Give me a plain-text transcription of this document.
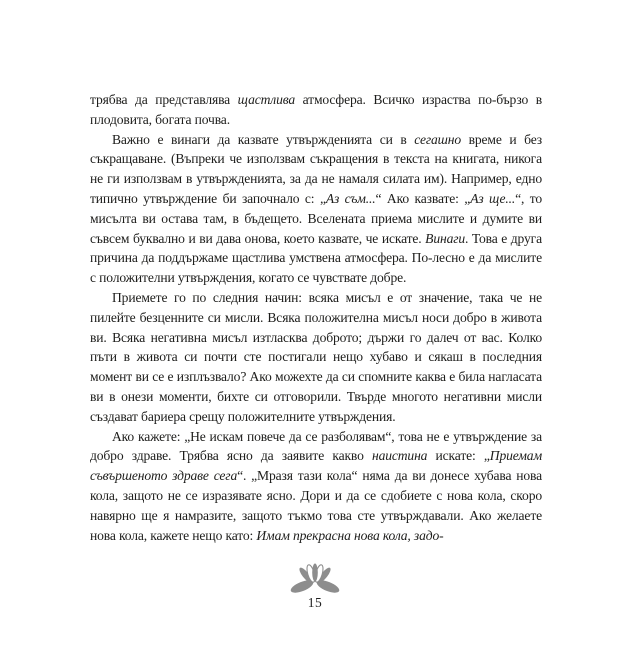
трябва да представлява щастлива атмосфера. Всичко израства по-бързо в плодовита, богата почва.

Важно е винаги да казвате утвържденията си в сегашно време и без съкращаване. (Въпреки че използвам съкращения в текста на книгата, никога не ги използвам в утвържденията, за да не намаля силата им). Например, едно типично утвърждение би започнало с: „Аз съм...“ Ако казвате: „Аз ще...“, то мисълта ви остава там, в бъдещето. Вселената приема мислите и думите ви съвсем буквално и ви дава онова, което казвате, че искате. Винаги. Това е друга причина да поддържаме щастлива умствена атмосфера. По-лесно е да мислите с положителни утвърждения, когато се чувствате добре.

Приемете го по следния начин: всяка мисъл е от значение, така че не пилейте безценните си мисли. Всяка положителна мисъл носи добро в живота ви. Всяка негативна мисъл изтласква доброто; държи го далеч от вас. Колко пъти в живота си почти сте постигали нещо хубаво и сякаш в последния момент ви се е изплъзвало? Ако можехте да си спомните каква е била нагласата ви в онези моменти, бихте си отговорили. Твърде многото негативни мисли създават бариера срещу положителните утвърждения.

Ако кажете: „Не искам повече да се разболявам“, това не е утвърждение за добро здраве. Трябва ясно да заявите какво наистина искате: „Приемам съвършеното здраве сега“. „Мразя тази кола“ няма да ви донесе хубава нова кола, защото не се изразявате ясно. Дори и да се сдобиете с нова кола, скоро навярно ще я намразите, защото тъкмо това сте утвърждавали. Ако желаете нова кола, кажете нещо като: Имам прекрасна нова кола, задо-

15
